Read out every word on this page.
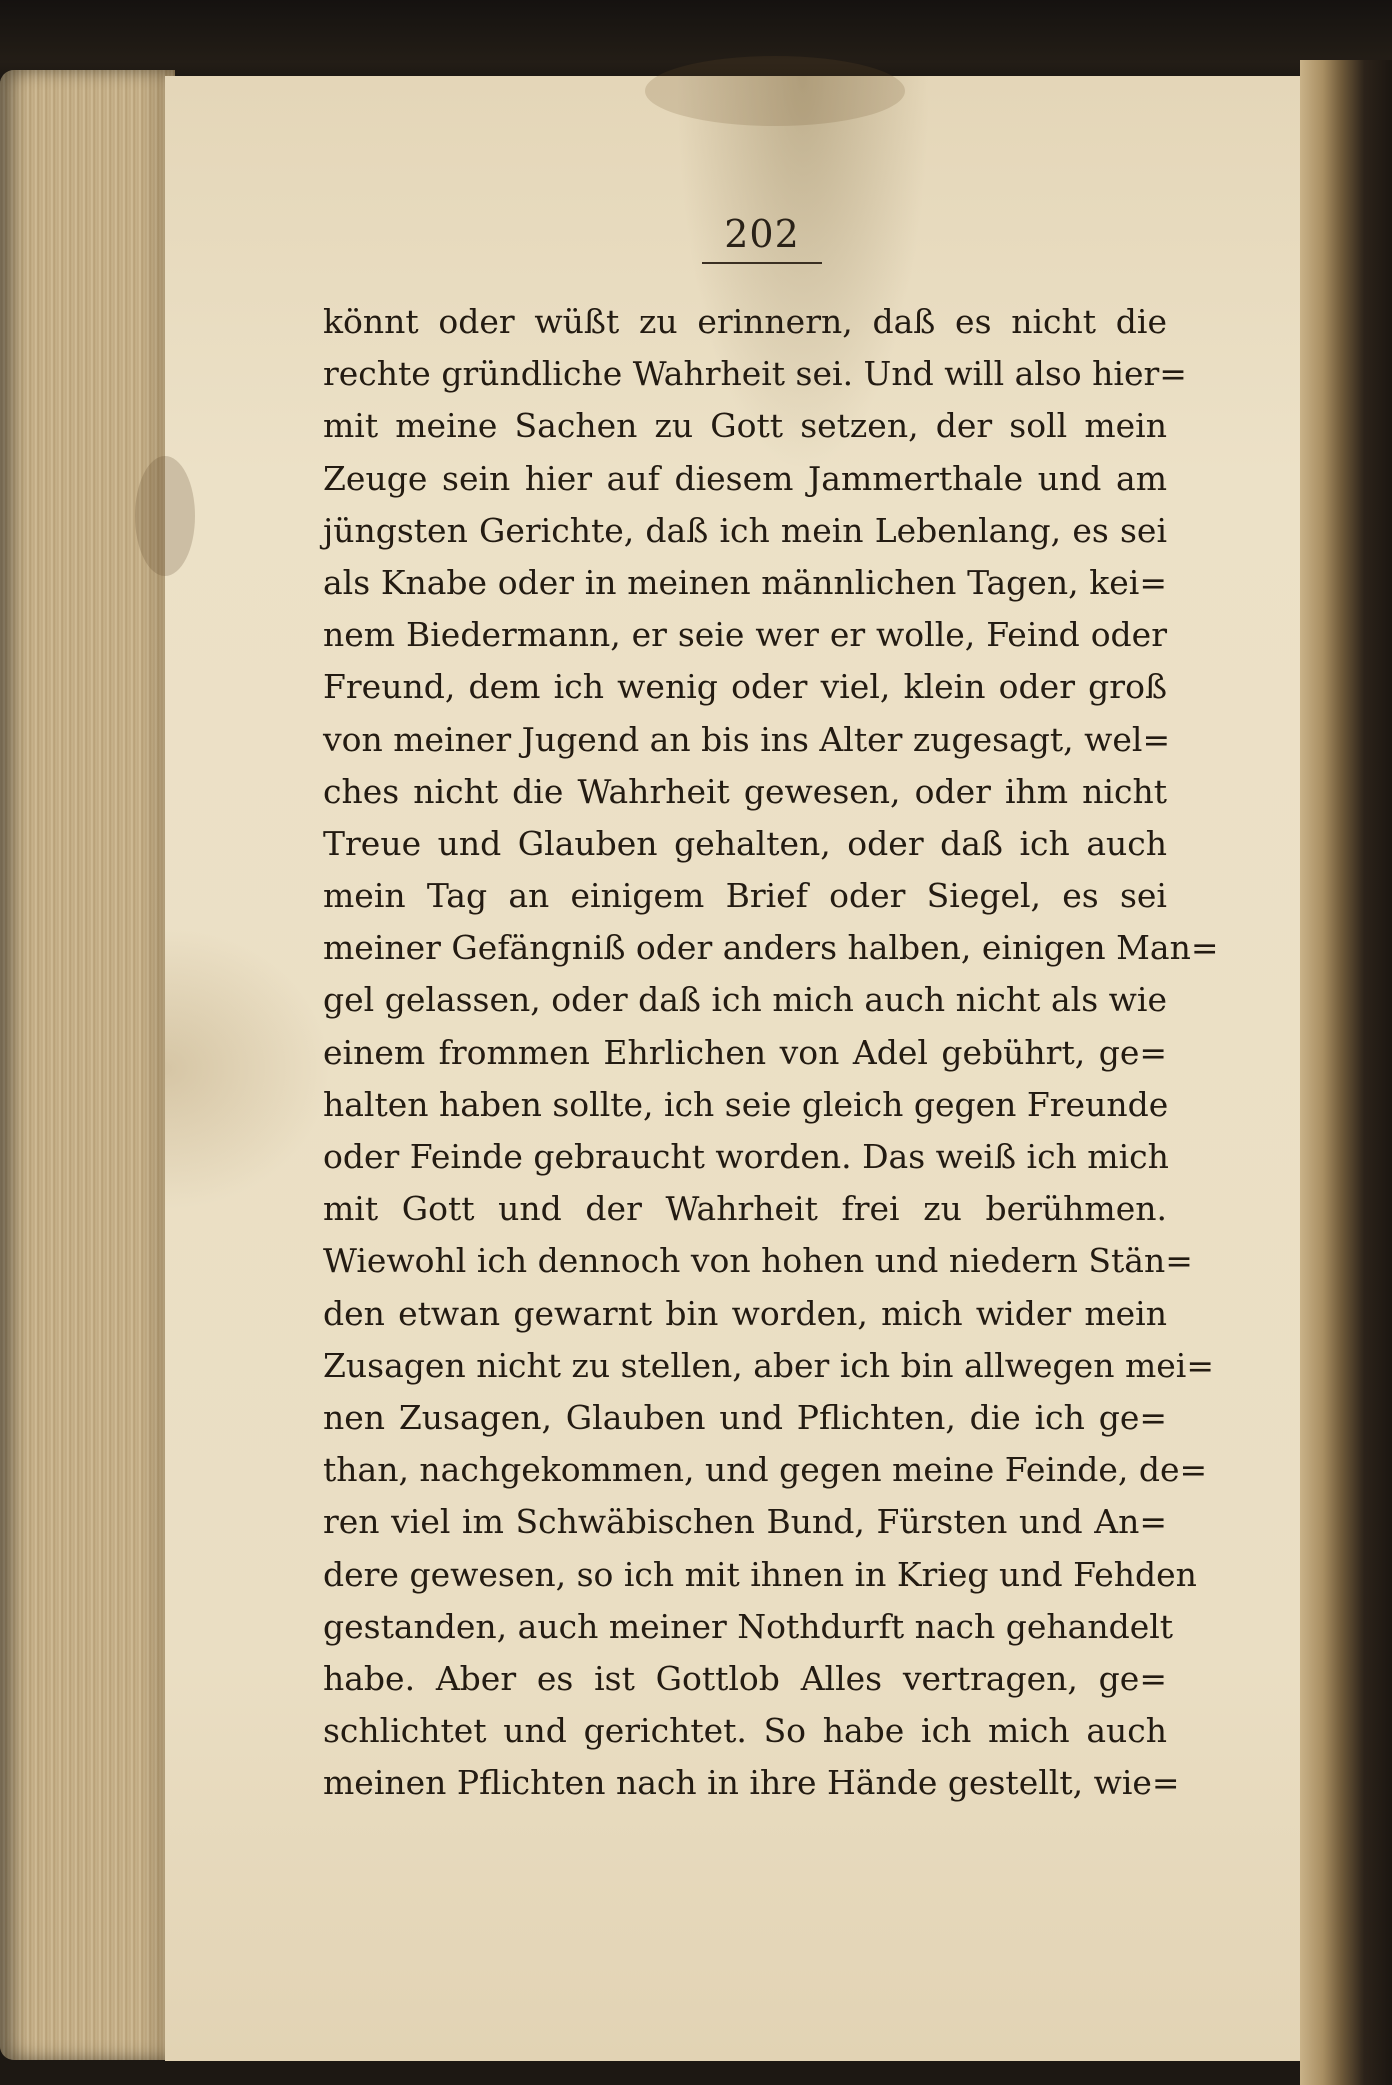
202
könnt oder wüßt zu erinnern, daß es nicht die
rechte gründliche Wahrheit sei. Und will also hier=
mit meine Sachen zu Gott setzen, der soll mein
Zeuge sein hier auf diesem Jammerthale und am
jüngsten Gerichte, daß ich mein Lebenlang, es sei
als Knabe oder in meinen männlichen Tagen, kei=
nem Biedermann, er seie wer er wolle, Feind oder
Freund, dem ich wenig oder viel, klein oder groß
von meiner Jugend an bis ins Alter zugesagt, wel=
ches nicht die Wahrheit gewesen, oder ihm nicht
Treue und Glauben gehalten, oder daß ich auch
mein Tag an einigem Brief oder Siegel, es sei
meiner Gefängniß oder anders halben, einigen Man=
gel gelassen, oder daß ich mich auch nicht als wie
einem frommen Ehrlichen von Adel gebührt, ge=
halten haben sollte, ich seie gleich gegen Freunde
oder Feinde gebraucht worden. Das weiß ich mich
mit Gott und der Wahrheit frei zu berühmen.
Wiewohl ich dennoch von hohen und niedern Stän=
den etwan gewarnt bin worden, mich wider mein
Zusagen nicht zu stellen, aber ich bin allwegen mei=
nen Zusagen, Glauben und Pflichten, die ich ge=
than, nachgekommen, und gegen meine Feinde, de=
ren viel im Schwäbischen Bund, Fürsten und An=
dere gewesen, so ich mit ihnen in Krieg und Fehden
gestanden, auch meiner Nothdurft nach gehandelt
habe. Aber es ist Gottlob Alles vertragen, ge=
schlichtet und gerichtet. So habe ich mich auch
meinen Pflichten nach in ihre Hände gestellt, wie=
